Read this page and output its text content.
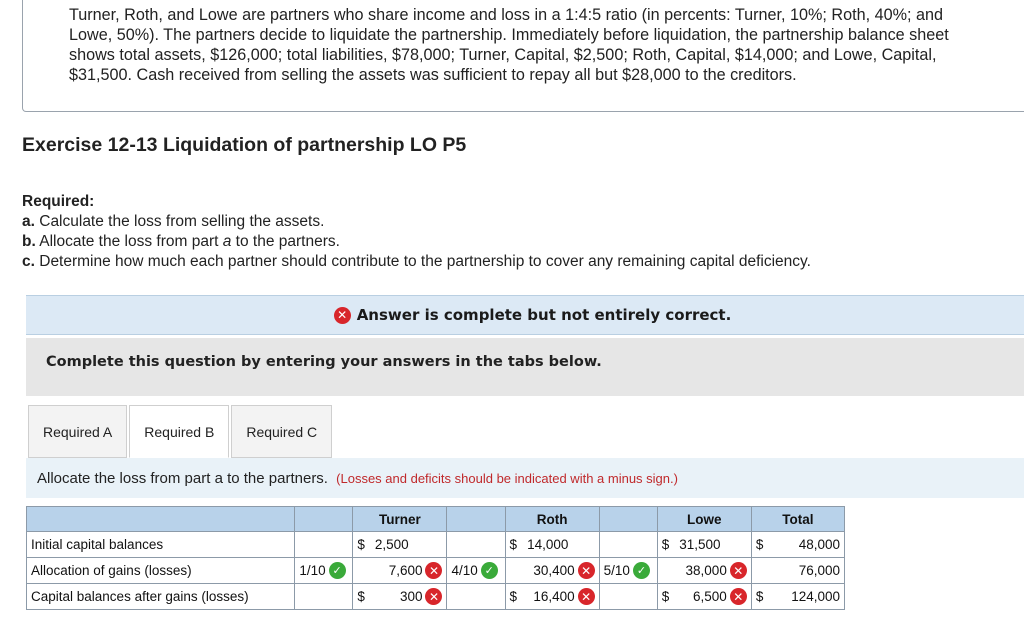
Turner, Roth, and Lowe are partners who share income and loss in a 1:4:5 ratio (in percents: Turner, 10%; Roth, 40%; and Lowe, 50%). The partners decide to liquidate the partnership. Immediately before liquidation, the partnership balance sheet shows total assets, $126,000; total liabilities, $78,000; Turner, Capital, $2,500; Roth, Capital, $14,000; and Lowe, Capital, $31,500. Cash received from selling the assets was sufficient to repay all but $28,000 to the creditors.
Exercise 12-13 Liquidation of partnership LO P5
Required:
a. Calculate the loss from selling the assets.
b. Allocate the loss from part a to the partners.
c. Determine how much each partner should contribute to the partnership to cover any remaining capital deficiency.
✕ Answer is complete but not entirely correct.
Complete this question by entering your answers in the tabs below.
Required A	Required B	Required C
Allocate the loss from part a to the partners. (Losses and deficits should be indicated with a minus sign.)
		Turner		Roth		Lowe	Total
Initial capital balances		$ 2,500		$ 14,000		$ 31,500	$ 48,000

Allocation of gains (losses)	1/10 ✓	7,600 ✕	4/10 ✓	30,400 ✕	5/10 ✓	38,000 ✕	76,000

Capital balances after gains (losses)		$ 300 ✕		$ 16,400 ✕		$ 6,500 ✕	$ 124,000
